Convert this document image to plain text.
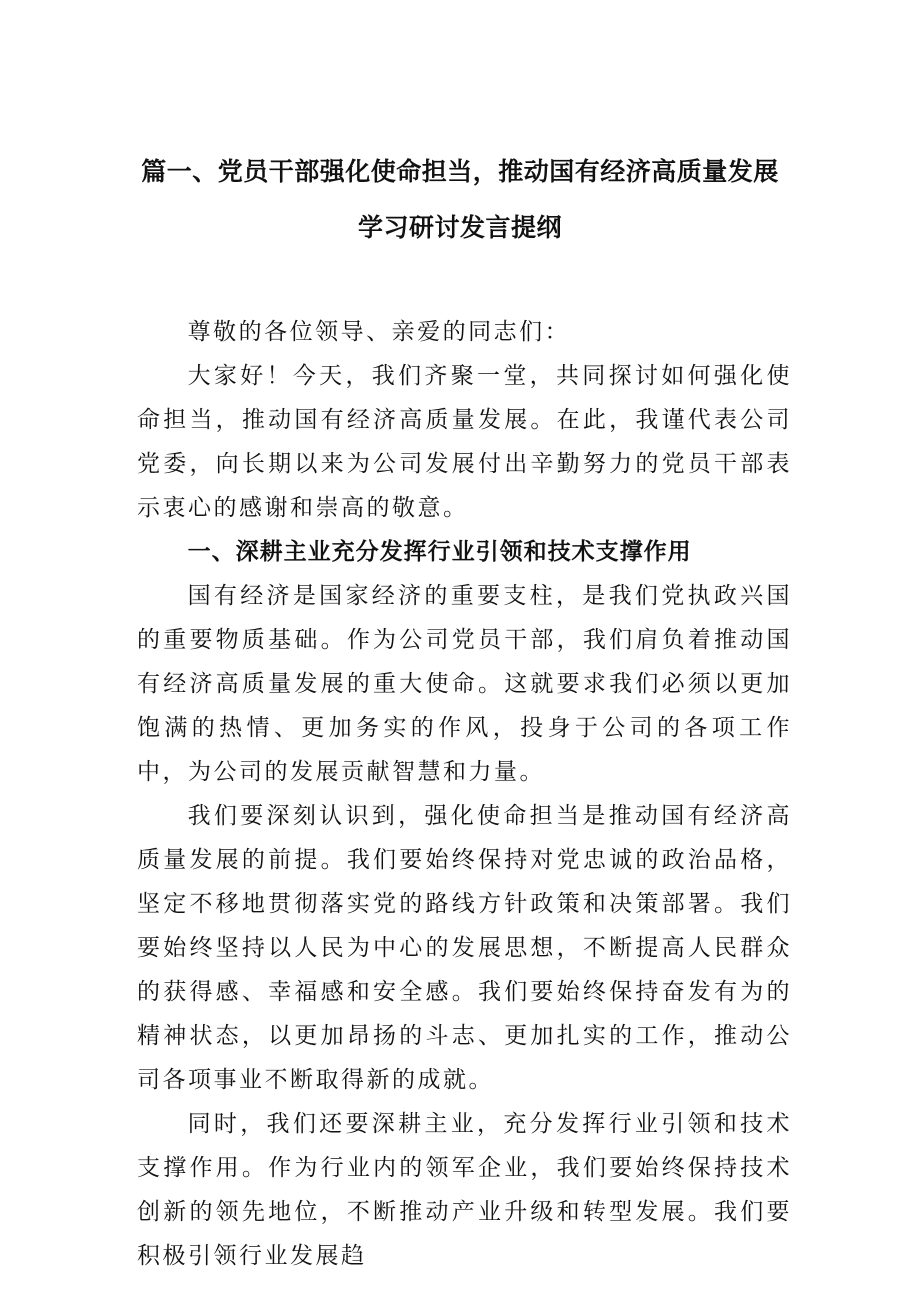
篇一、党员干部强化使命担当，推动国有经济高质量发展
学习研讨发言提纲

尊敬的各位领导、亲爱的同志们：

大家好！今天，我们齐聚一堂，共同探讨如何强化使命担当，推动国有经济高质量发展。在此，我谨代表公司党委，向长期以来为公司发展付出辛勤努力的党员干部表示衷心的感谢和崇高的敬意。

一、深耕主业充分发挥行业引领和技术支撑作用

国有经济是国家经济的重要支柱，是我们党执政兴国的重要物质基础。作为公司党员干部，我们肩负着推动国有经济高质量发展的重大使命。这就要求我们必须以更加饱满的热情、更加务实的作风，投身于公司的各项工作中，为公司的发展贡献智慧和力量。

我们要深刻认识到，强化使命担当是推动国有经济高质量发展的前提。我们要始终保持对党忠诚的政治品格，坚定不移地贯彻落实党的路线方针政策和决策部署。我们要始终坚持以人民为中心的发展思想，不断提高人民群众的获得感、幸福感和安全感。我们要始终保持奋发有为的精神状态，以更加昂扬的斗志、更加扎实的工作，推动公司各项事业不断取得新的成就。

同时，我们还要深耕主业，充分发挥行业引领和技术支撑作用。作为行业内的领军企业，我们要始终保持技术创新的领先地位，不断推动产业升级和转型发展。我们要积极引领行业发展趋
